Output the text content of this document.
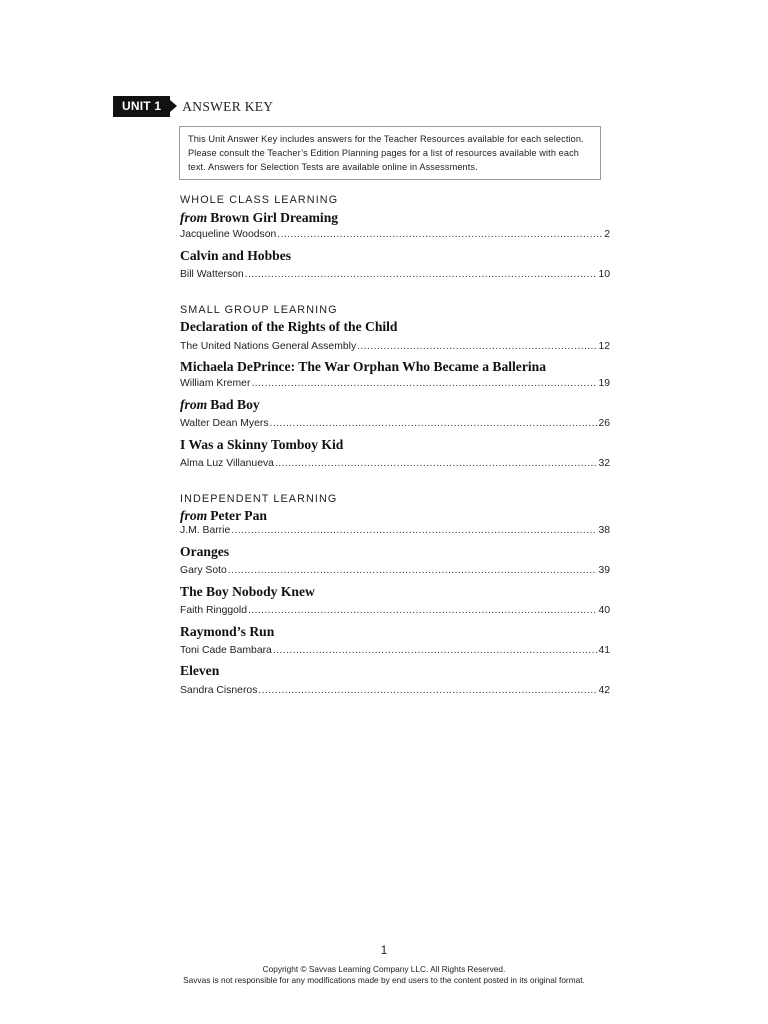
UNIT 1	ANSWER KEY
This Unit Answer Key includes answers for the Teacher Resources available for each selection. Please consult the Teacher’s Edition Planning pages for a list of resources available with each text. Answers for Selection Tests are available online in Assessments.
WHOLE CLASS LEARNING
from Brown Girl Dreaming
Jacqueline Woodson .....	2
Calvin and Hobbes
Bill Watterson .....	10
SMALL GROUP LEARNING
Declaration of the Rights of the Child
The United Nations General Assembly .....	12
Michaela DePrince: The War Orphan Who Became a Ballerina
William Kremer .....	19
from Bad Boy
Walter Dean Myers .....	26
I Was a Skinny Tomboy Kid
Alma Luz Villanueva .....	32
INDEPENDENT LEARNING
from Peter Pan
J.M. Barrie .....	38
Oranges
Gary Soto .....	39
The Boy Nobody Knew
Faith Ringgold .....	40
Raymond’s Run
Toni Cade Bambara .....	41
Eleven
Sandra Cisneros .....	42
1
Copyright © Savvas Learning Company LLC. All Rights Reserved.
Savvas is not responsible for any modifications made by end users to the content posted in its original format.
